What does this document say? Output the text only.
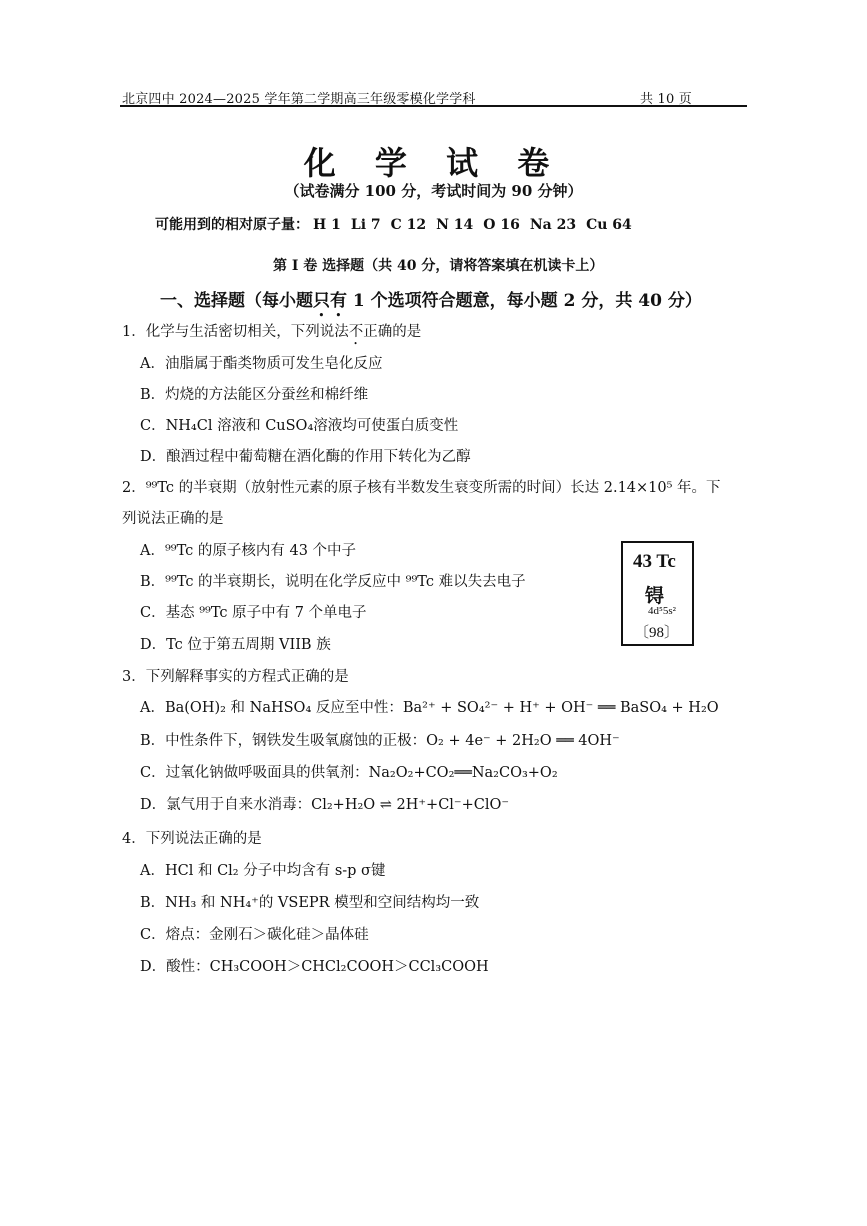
北京四中 2024—2025 学年第二学期高三年级零模化学学科	共 10 页
化 学 试 卷
（试卷满分 100 分，考试时间为 90 分钟）
可能用到的相对原子量： H 1 Li 7 C 12 N 14 O 16 Na 23 Cu 64
第 I 卷 选择题（共 40 分，请将答案填在机读卡上）
一、选择题（每小题只有 1 个选项符合题意，每小题 2 分，共 40 分）
1．化学与生活密切相关，下列说法不正确的是
A．油脂属于酯类物质可发生皂化反应
B．灼烧的方法能区分蚕丝和棉纤维
C．NH₄Cl 溶液和 CuSO₄溶液均可使蛋白质变性
D．酿酒过程中葡萄糖在酒化酶的作用下转化为乙醇
2．⁹⁹Tc 的半衰期（放射性元素的原子核有半数发生衰变所需的时间）长达 2.14×10⁵ 年。下
列说法正确的是
A．⁹⁹Tc 的原子核内有 43 个中子
B．⁹⁹Tc 的半衰期长，说明在化学反应中 ⁹⁹Tc 难以失去电子
C．基态 ⁹⁹Tc 原子中有 7 个单电子
D．Tc 位于第五周期 VIIB 族
43 Tc
锝
4d⁵5s²
〔98〕
3．下列解释事实的方程式正确的是
A．Ba(OH)₂ 和 NaHSO₄ 反应至中性：Ba²⁺ + SO₄²⁻ + H⁺ + OH⁻ ══ BaSO₄ + H₂O
B．中性条件下，钢铁发生吸氧腐蚀的正极：O₂ + 4e⁻ + 2H₂O ══ 4OH⁻
C．过氧化钠做呼吸面具的供氧剂：Na₂O₂+CO₂══Na₂CO₃+O₂
D．氯气用于自来水消毒：Cl₂+H₂O ⇌ 2H⁺+Cl⁻+ClO⁻
4．下列说法正确的是
A．HCl 和 Cl₂ 分子中均含有 s-p σ键
B．NH₃ 和 NH₄⁺的 VSEPR 模型和空间结构均一致
C．熔点：金刚石＞碳化硅＞晶体硅
D．酸性：CH₃COOH＞CHCl₂COOH＞CCl₃COOH
